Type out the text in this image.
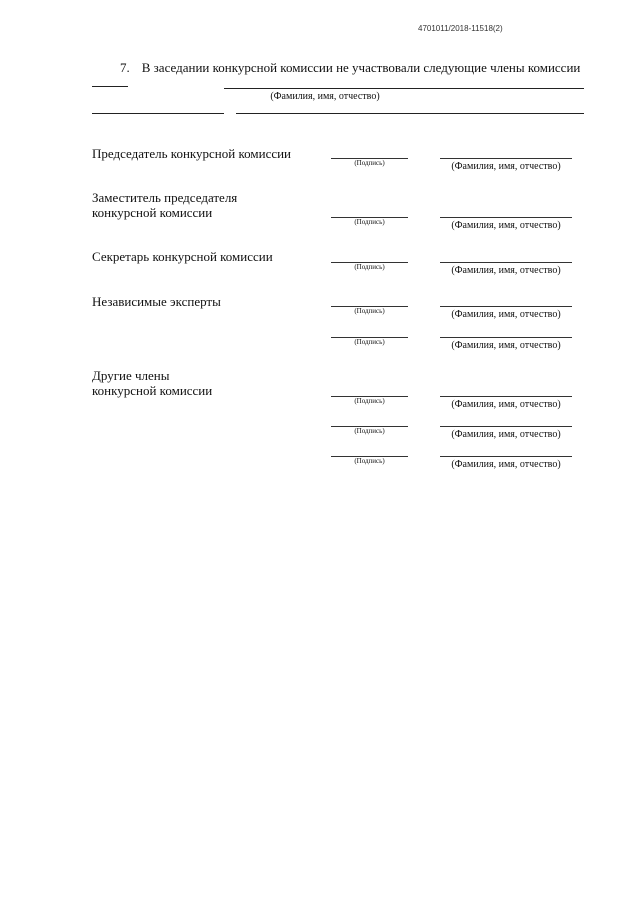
4701011/2018-11518(2)
7. В заседании конкурсной комиссии не участвовали следующие члены комиссии
(Фамилия, имя, отчество)
Председатель конкурсной комиссии
(Подпись)	(Фамилия, имя, отчество)
Заместитель председателя
конкурсной комиссии
(Подпись)	(Фамилия, имя, отчество)
Секретарь конкурсной комиссии
(Подпись)	(Фамилия, имя, отчество)
Независимые эксперты
(Подпись)	(Фамилия, имя, отчество)
(Подпись)	(Фамилия, имя, отчество)
Другие члены
конкурсной комиссии
(Подпись)	(Фамилия, имя, отчество)
(Подпись)	(Фамилия, имя, отчество)
(Подпись)	(Фамилия, имя, отчество)
